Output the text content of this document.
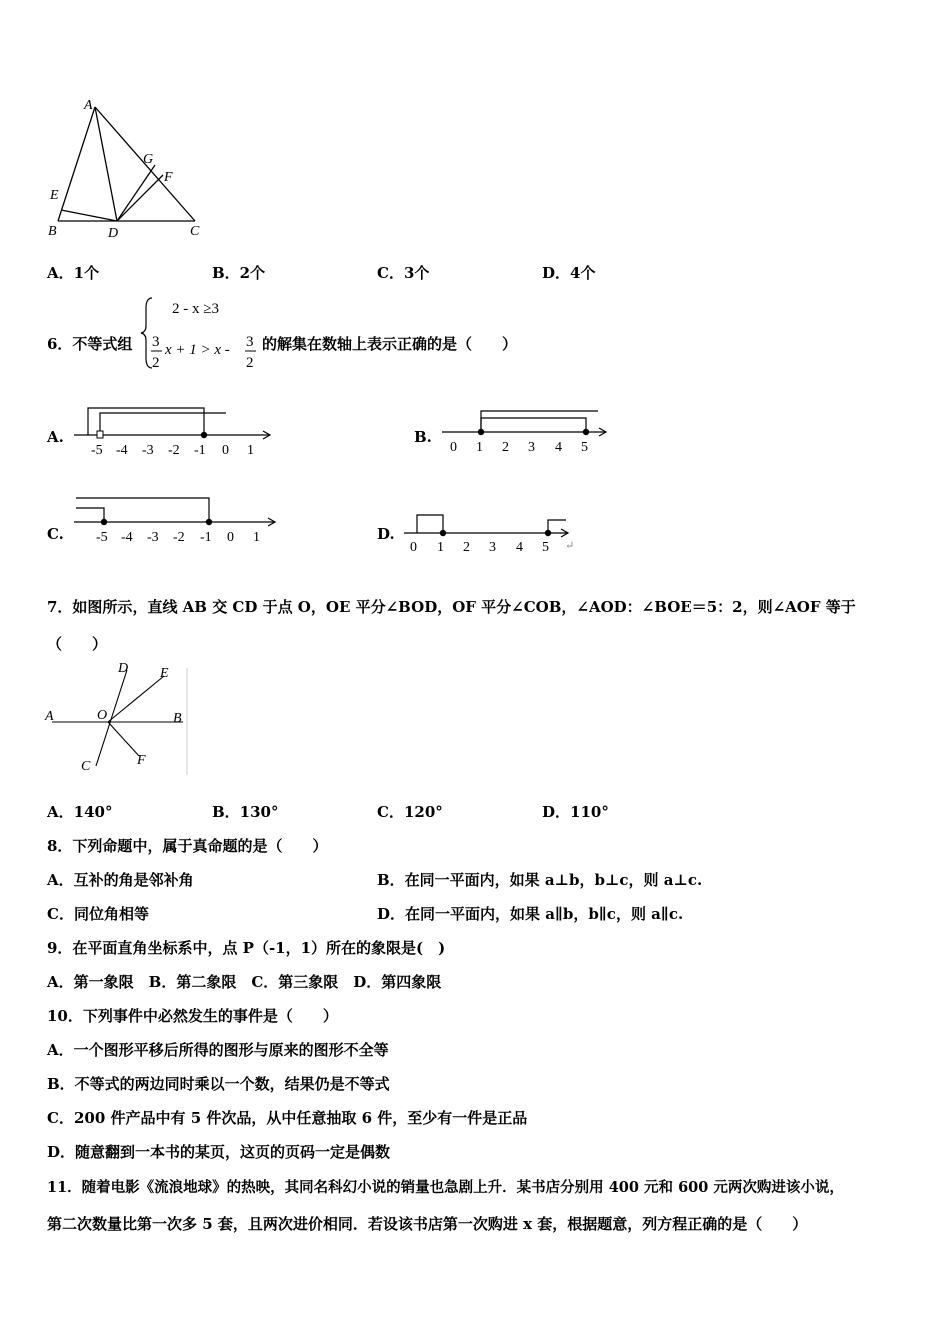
A
B	C
D
E
F
G
A．1个	B．2个	C．3个	D．4个
6．不等式组
2 - x ≥3
3
2
x + 1 > x - 3
2
的解集在数轴上表示正确的是（　　）
A.
-5 -4 -3 -2 -1 0 1
B.
0 1 2 3 4 5
C. -5 -4 -3 -2 -1 0 1	D.
0 1 2 3 4 5 ↵
7．如图所示，直线 AB 交 CD 于点 O，OE 平分∠BOD，OF 平分∠COB，∠AOD：∠BOE＝5：2，则∠AOF 等于
（　　）
A	B
C
D E
F
O
A．140°	B．130°	C．120°	D．110°
8．下列命题中，属于真命题的是（　　）
A．互补的角是邻补角	B．在同一平面内，如果 a⊥b，b⊥c，则 a⊥c.
C．同位角相等	D．在同一平面内，如果 a∥b，b∥c，则 a∥c.
9．在平面直角坐标系中，点 P（-1，1）所在的象限是(　)
A．第一象限　B．第二象限　C．第三象限　D．第四象限
10．下列事件中必然发生的事件是（　　）
A．一个图形平移后所得的图形与原来的图形不全等
B．不等式的两边同时乘以一个数，结果仍是不等式
C．200 件产品中有 5 件次品，从中任意抽取 6 件，至少有一件是正品
D．随意翻到一本书的某页，这页的页码一定是偶数
11．随着电影《流浪地球》的热映，其同名科幻小说的销量也急剧上升．某书店分别用 400 元和 600 元两次购进该小说，
第二次数量比第一次多 5 套，且两次进价相同．若设该书店第一次购进 x 套，根据题意，列方程正确的是（　　）
